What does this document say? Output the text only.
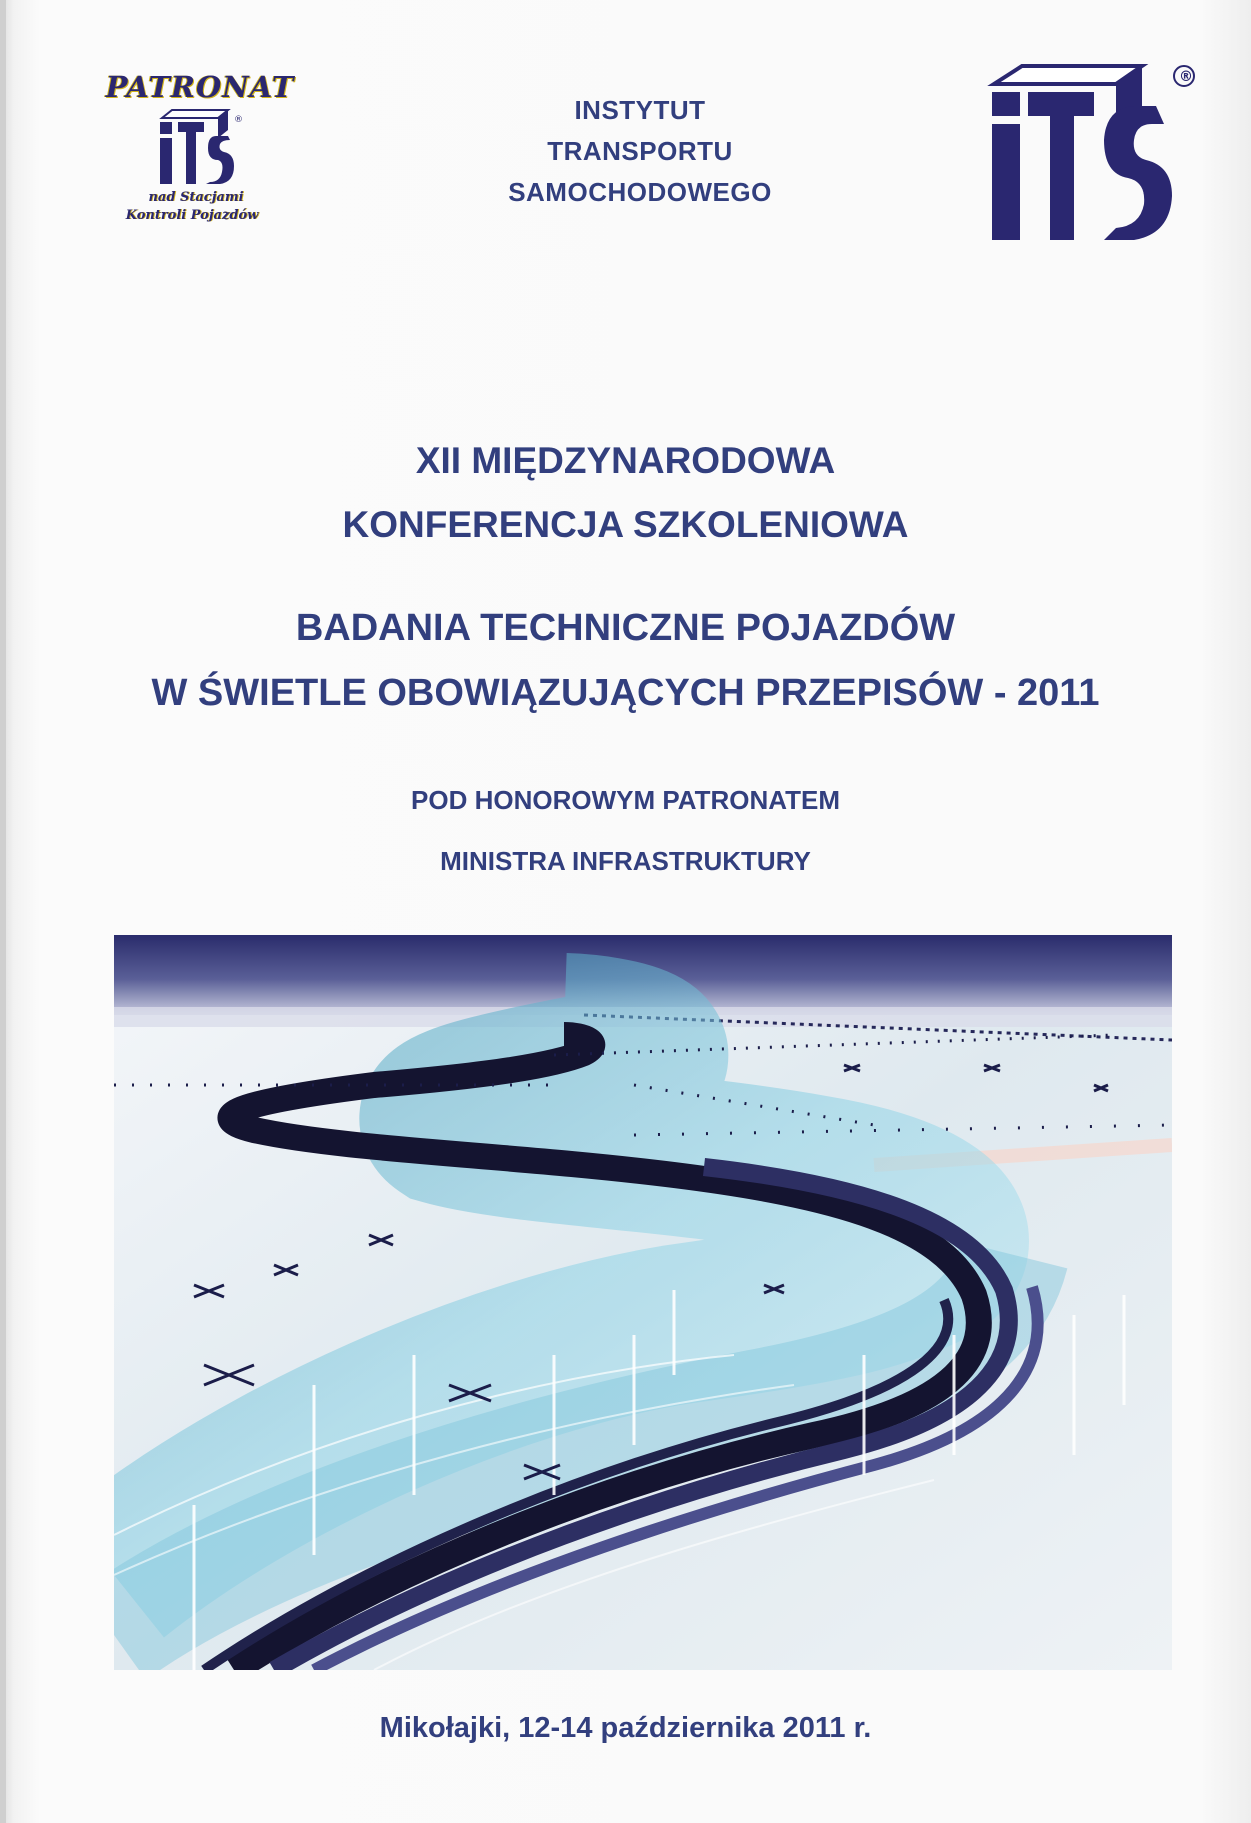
PATRONAT
®
nad Stacjami
Kontroli Pojazdów
INSTYTUT
TRANSPORTU
SAMOCHODOWEGO
®
XII MIĘDZYNARODOWA
KONFERENCJA SZKOLENIOWA
BADANIA TECHNICZNE POJAZDÓW
W ŚWIETLE OBOWIĄZUJĄCYCH PRZEPISÓW - 2011
POD HONOROWYM PATRONATEM
MINISTRA INFRASTRUKTURY
Mikołajki, 12-14 października 2011 r.
